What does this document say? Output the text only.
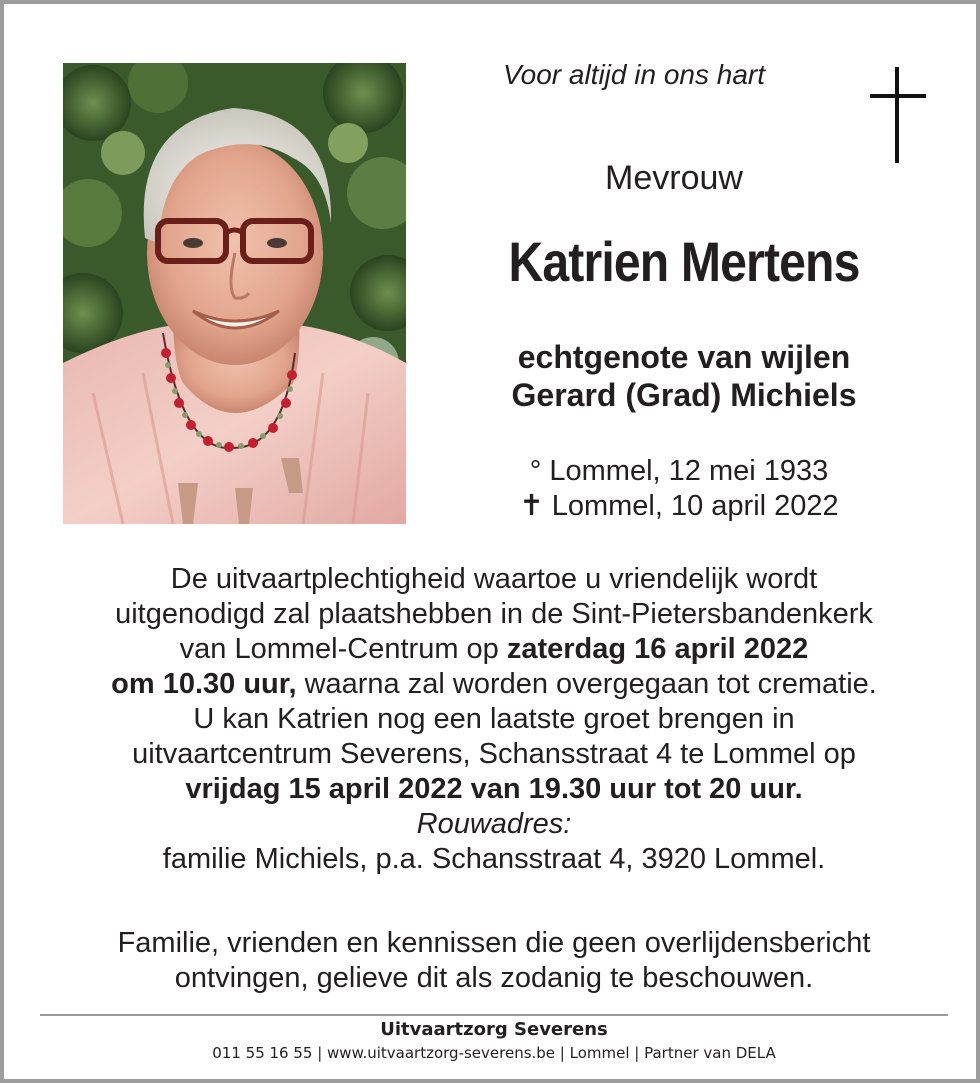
Voor altijd in ons hart
Mevrouw
Katrien Mertens
echtgenote van wijlen
Gerard (Grad) Michiels
° Lommel, 12 mei 1933
✝ Lommel, 10 april 2022
De uitvaartplechtigheid waartoe u vriendelijk wordt
uitgenodigd zal plaatshebben in de Sint-Pietersbandenkerk
van Lommel-Centrum op zaterdag 16 april 2022
om 10.30 uur, waarna zal worden overgegaan tot crematie.
U kan Katrien nog een laatste groet brengen in
uitvaartcentrum Severens, Schansstraat 4 te Lommel op
vrijdag 15 april 2022 van 19.30 uur tot 20 uur.
Rouwadres:
familie Michiels, p.a. Schansstraat 4, 3920 Lommel.
Familie, vrienden en kennissen die geen overlijdensbericht
ontvingen, gelieve dit als zodanig te beschouwen.
Uitvaartzorg Severens
011 55 16 55 | www.uitvaartzorg-severens.be | Lommel | Partner van DELA
